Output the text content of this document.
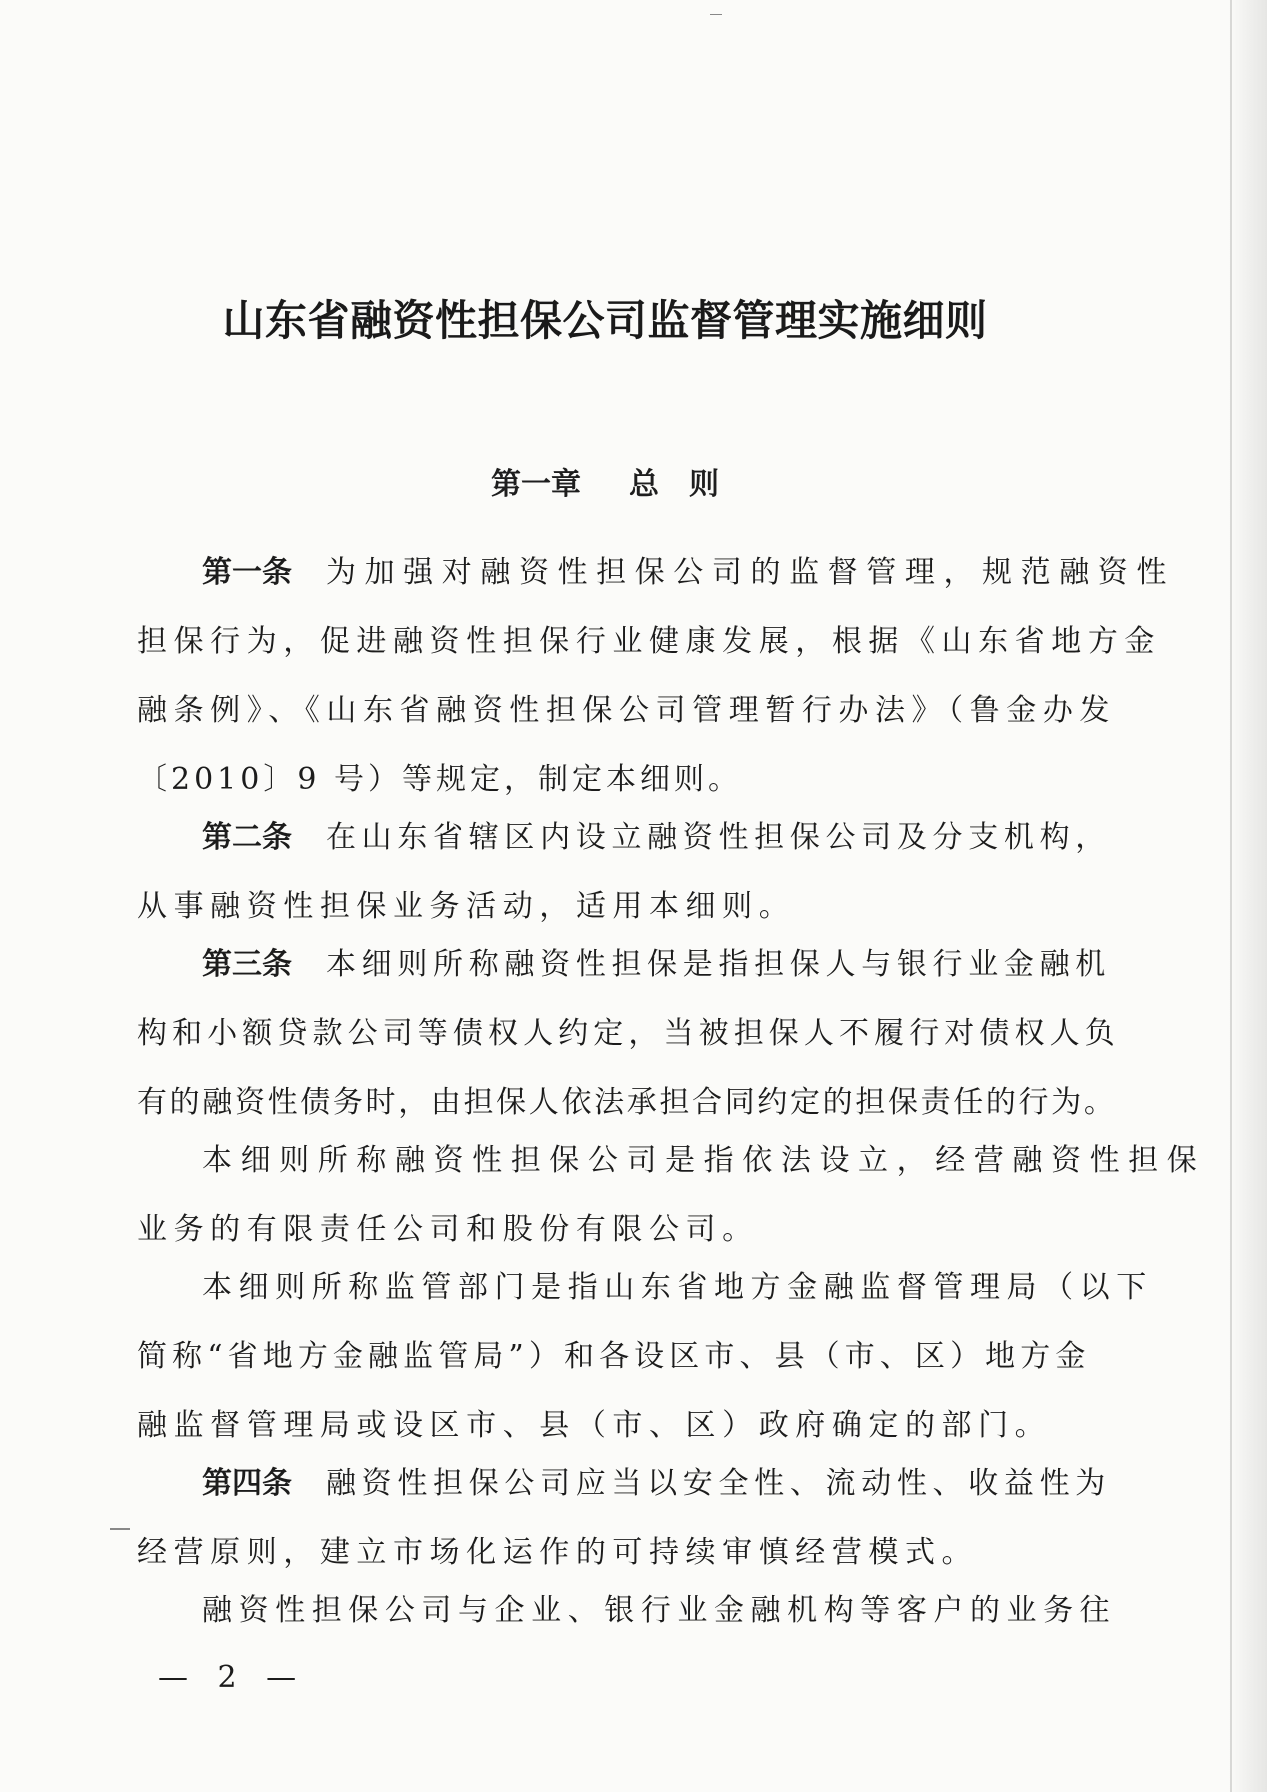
山东省融资性担保公司监督管理实施细则
第一章 总　则
第一条 为加强对融资性担保公司的监督管理，规范融资性
担保行为，促进融资性担保行业健康发展，根据《山东省地方金
融条例》、《山东省融资性担保公司管理暂行办法》（鲁金办发
〔2010〕9 号）等规定，制定本细则。
第二条 在山东省辖区内设立融资性担保公司及分支机构，
从事融资性担保业务活动，适用本细则。
第三条 本细则所称融资性担保是指担保人与银行业金融机
构和小额贷款公司等债权人约定，当被担保人不履行对债权人负
有的融资性债务时，由担保人依法承担合同约定的担保责任的行为。
本细则所称融资性担保公司是指依法设立，经营融资性担保
业务的有限责任公司和股份有限公司。
本细则所称监管部门是指山东省地方金融监督管理局（以下
简称“省地方金融监管局”）和各设区市、县（市、区）地方金
融监督管理局或设区市、县（市、区）政府确定的部门。
第四条 融资性担保公司应当以安全性、流动性、收益性为
经营原则，建立市场化运作的可持续审慎经营模式。
融资性担保公司与企业、银行业金融机构等客户的业务往
— 2 —
